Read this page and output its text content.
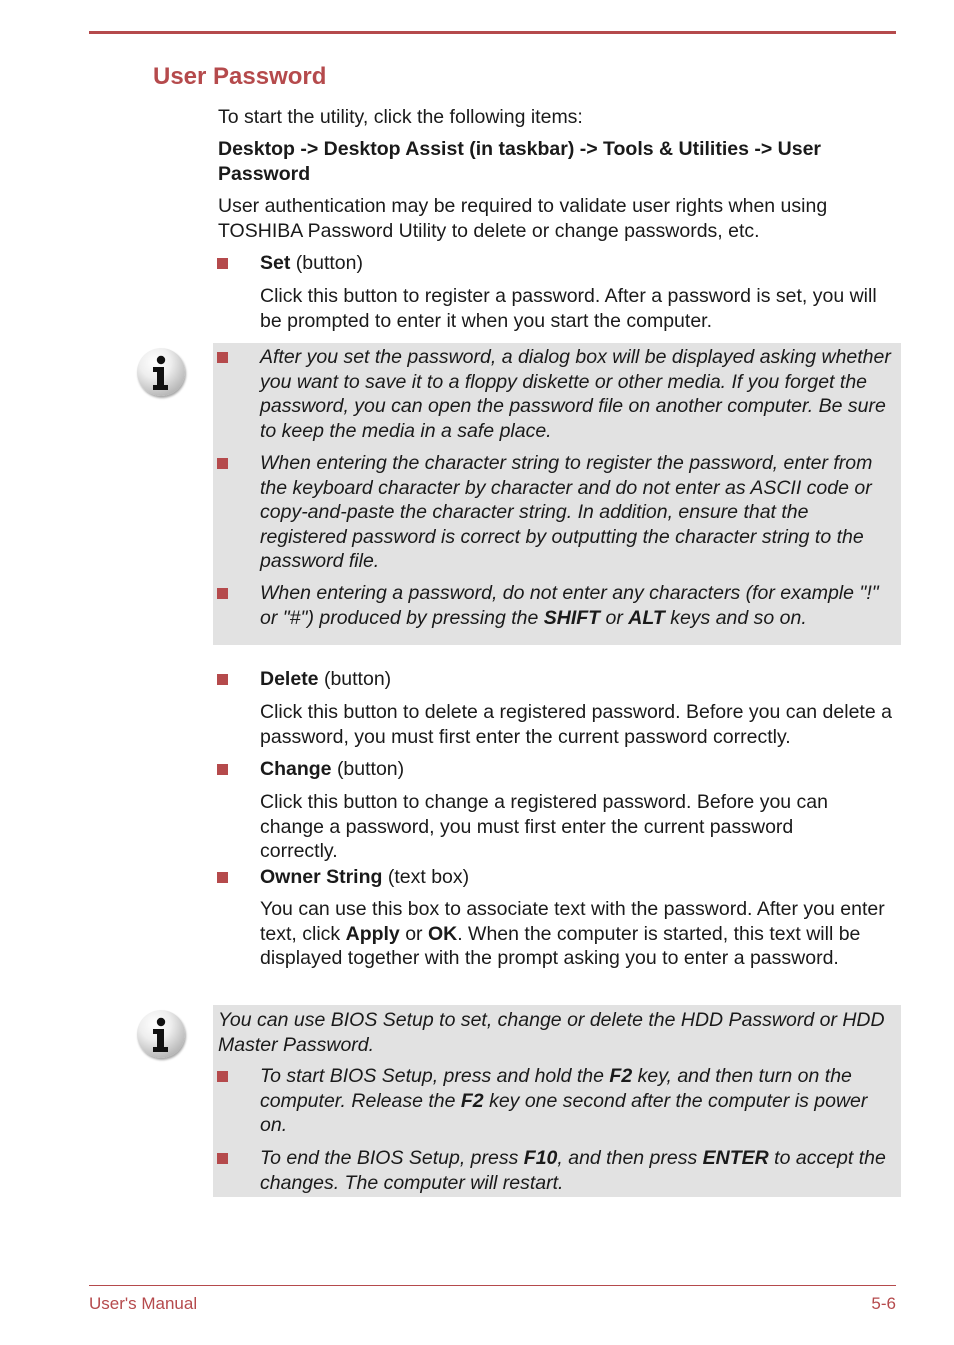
User Password
To start the utility, click the following items:
Desktop -> Desktop Assist (in taskbar) -> Tools & Utilities -> User Password
User authentication may be required to validate user rights when using TOSHIBA Password Utility to delete or change passwords, etc.
Set (button)
Click this button to register a password. After a password is set, you will be prompted to enter it when you start the computer.
After you set the password, a dialog box will be displayed asking whether you want to save it to a floppy diskette or other media. If you forget the password, you can open the password file on another computer. Be sure to keep the media in a safe place.
When entering the character string to register the password, enter from the keyboard character by character and do not enter as ASCII code or copy-and-paste the character string. In addition, ensure that the registered password is correct by outputting the character string to the password file.
When entering a password, do not enter any characters (for example "!" or "#") produced by pressing the SHIFT or ALT keys and so on.
Delete (button)
Click this button to delete a registered password. Before you can delete a password, you must first enter the current password correctly.
Change (button)
Click this button to change a registered password. Before you can change a password, you must first enter the current password correctly.
Owner String (text box)
You can use this box to associate text with the password. After you enter text, click Apply or OK. When the computer is started, this text will be displayed together with the prompt asking you to enter a password.
You can use BIOS Setup to set, change or delete the HDD Password or HDD Master Password.
To start BIOS Setup, press and hold the F2 key, and then turn on the computer. Release the F2 key one second after the computer is power on.
To end the BIOS Setup, press F10, and then press ENTER to accept the changes. The computer will restart.
User's Manual	5-6
